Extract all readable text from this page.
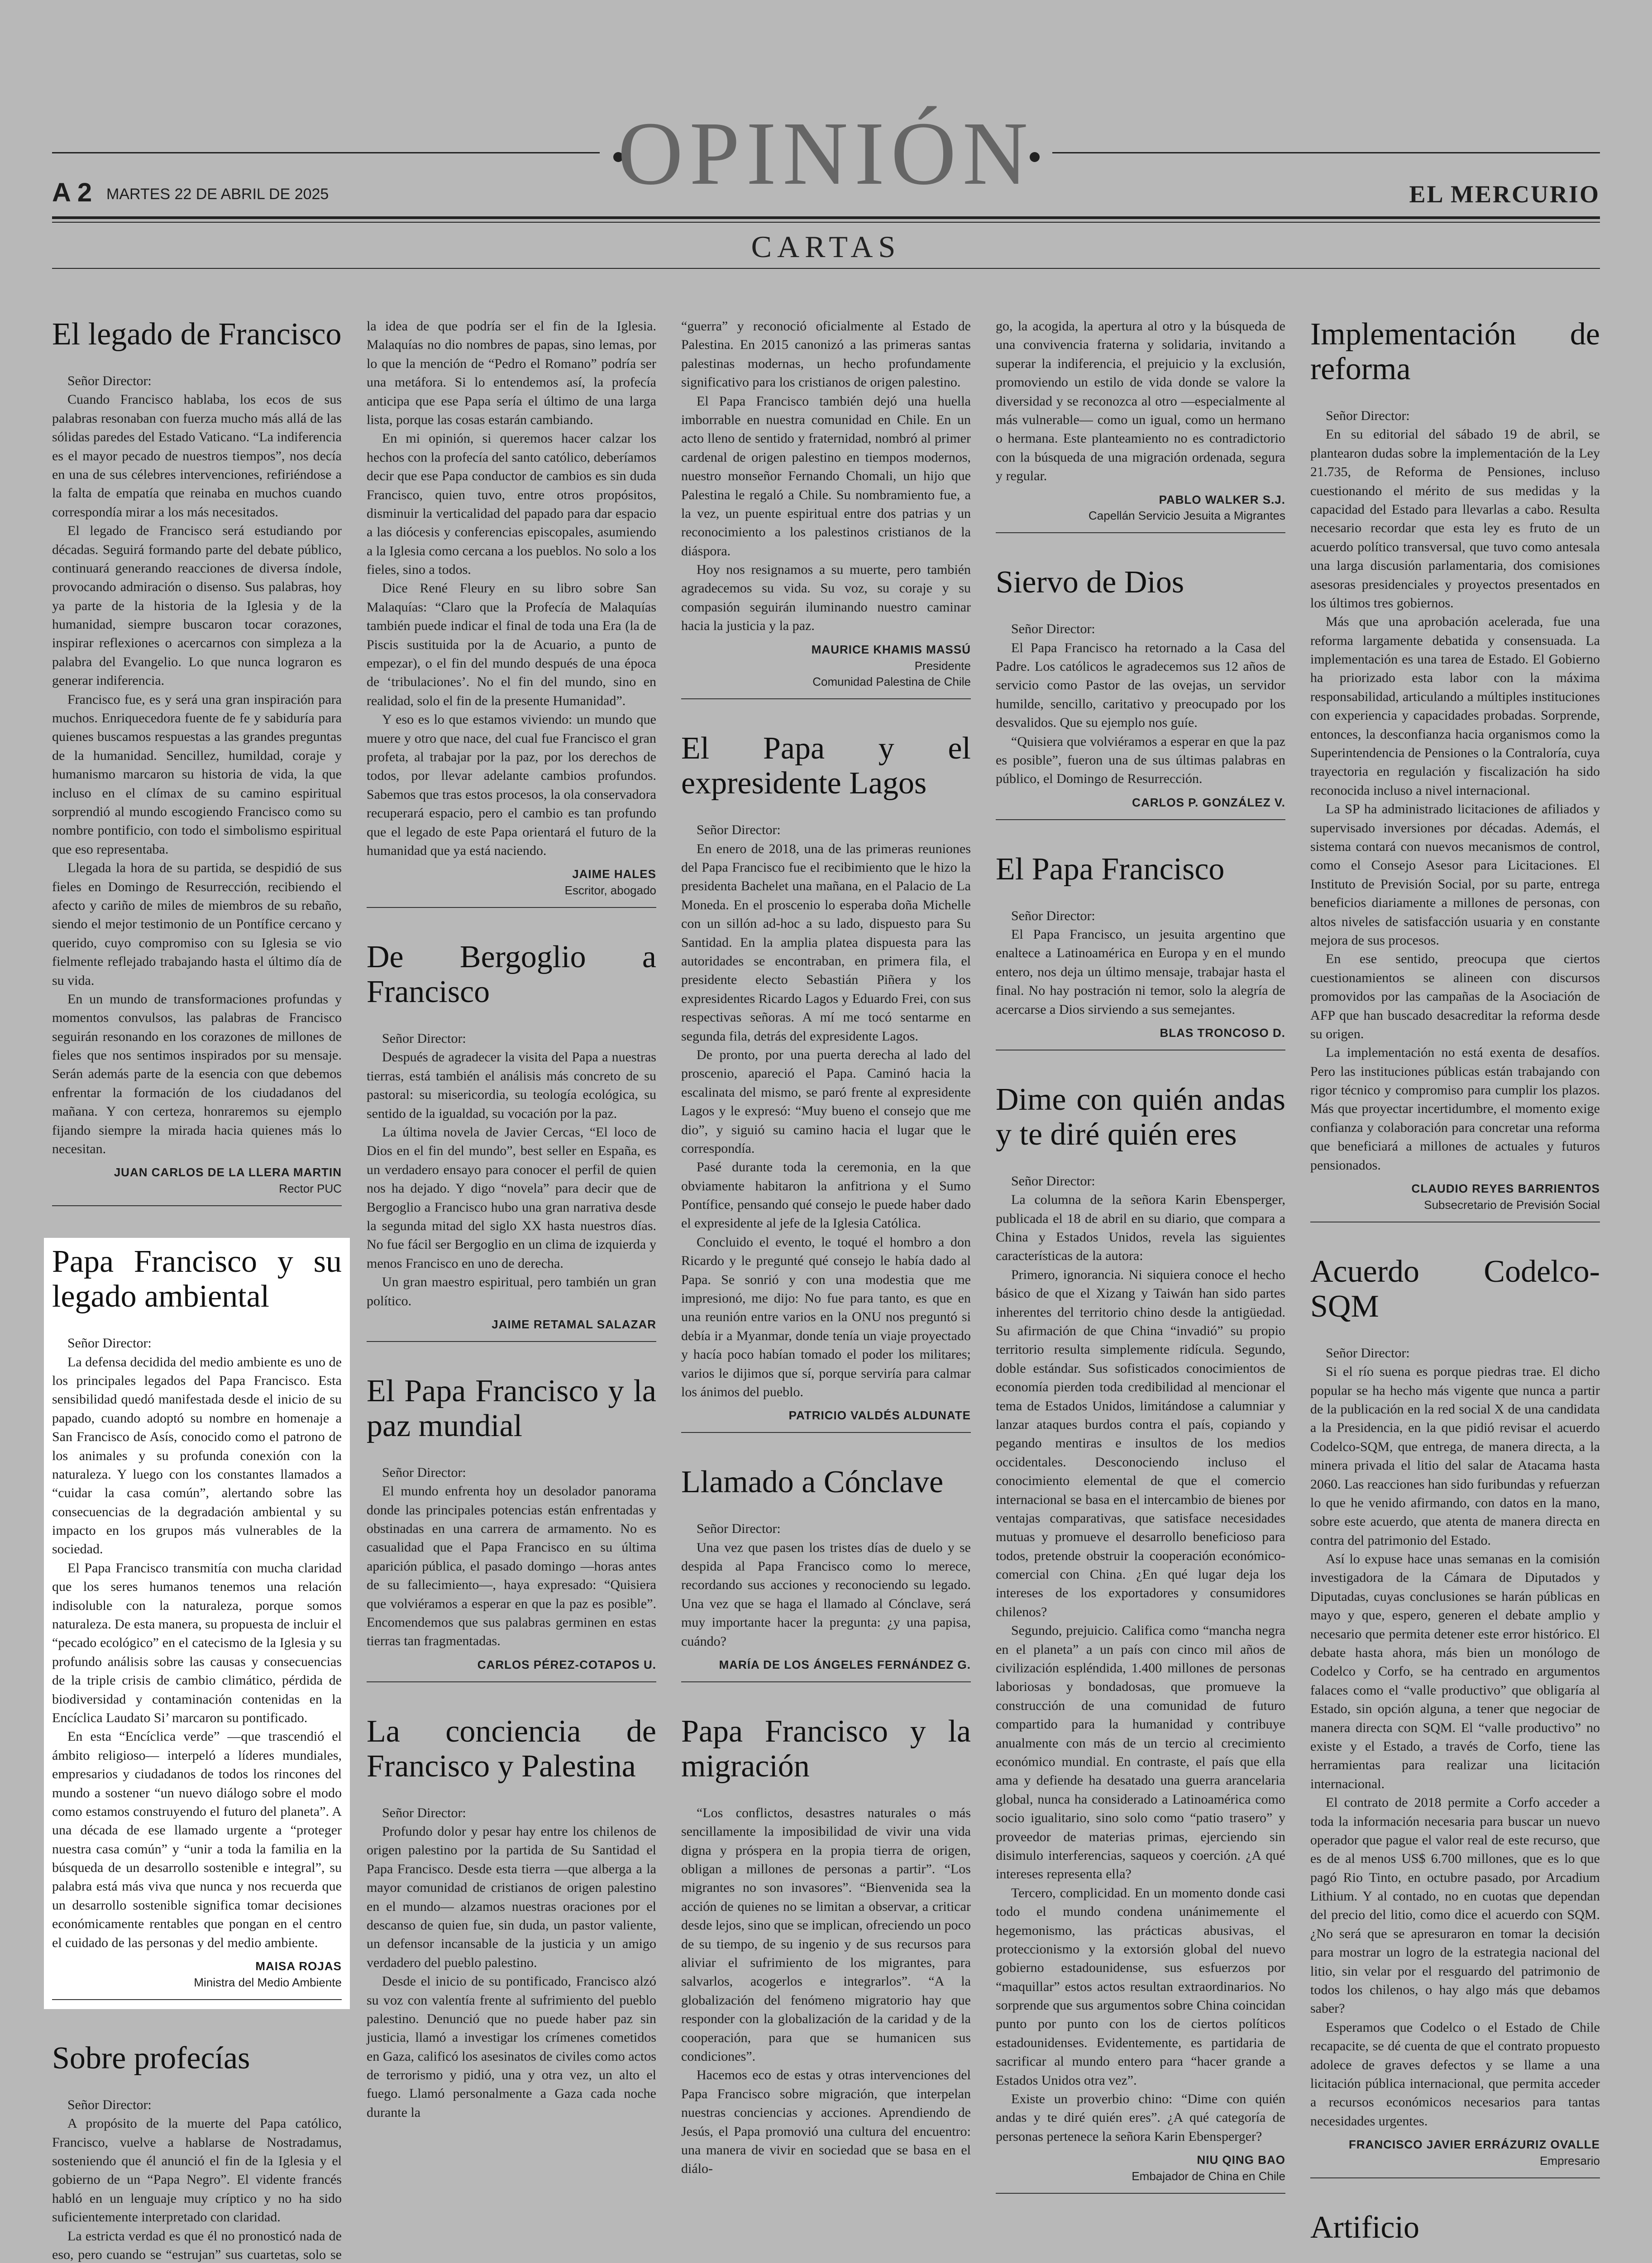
OPINIÓN
A 2 MARTES 22 DE ABRIL DE 2025	EL MERCURIO
CARTAS
El legado de Francisco

Señor Director:

Cuando Francisco hablaba, los ecos de sus palabras resonaban con fuerza mucho más allá de las sólidas paredes del Estado Vaticano. “La indiferencia es el mayor pecado de nuestros tiempos”, nos decía en una de sus célebres intervenciones, refiriéndose a la falta de empatía que reinaba en muchos cuando correspondía mirar a los más necesitados.

El legado de Francisco será estudiando por décadas. Seguirá formando parte del debate público, continuará generando reacciones de diversa índole, provocando admiración o disenso. Sus palabras, hoy ya parte de la historia de la Iglesia y de la humanidad, siempre buscaron tocar corazones, inspirar reflexiones o acercarnos con simpleza a la palabra del Evangelio. Lo que nunca lograron es generar indiferencia.

Francisco fue, es y será una gran inspiración para muchos. Enriquecedora fuente de fe y sabiduría para quienes buscamos respuestas a las grandes preguntas de la humanidad. Sencillez, humildad, coraje y humanismo marcaron su historia de vida, la que incluso en el clímax de su camino espiritual sorprendió al mundo escogiendo Francisco como su nombre pontificio, con todo el simbolismo espiritual que eso representaba.

Llegada la hora de su partida, se despidió de sus fieles en Domingo de Resurrección, recibiendo el afecto y cariño de miles de miembros de su rebaño, siendo el mejor testimonio de un Pontífice cercano y querido, cuyo compromiso con su Iglesia se vio fielmente reflejado trabajando hasta el último día de su vida.

En un mundo de transformaciones profundas y momentos convulsos, las palabras de Francisco seguirán resonando en los corazones de millones de fieles que nos sentimos inspirados por su mensaje. Serán además parte de la esencia con que debemos enfrentar la formación de los ciudadanos del mañana. Y con certeza, honraremos su ejemplo fijando siempre la mirada hacia quienes más lo necesitan.

JUAN CARLOS DE LA LLERA MARTIN
Rector PUC
Papa Francisco y su legado ambiental

Señor Director:

La defensa decidida del medio ambiente es uno de los principales legados del Papa Francisco. Esta sensibilidad quedó manifestada desde el inicio de su papado, cuando adoptó su nombre en homenaje a San Francisco de Asís, conocido como el patrono de los animales y su profunda conexión con la naturaleza. Y luego con los constantes llamados a “cuidar la casa común”, alertando sobre las consecuencias de la degradación ambiental y su impacto en los grupos más vulnerables de la sociedad.

El Papa Francisco transmitía con mucha claridad que los seres humanos tenemos una relación indisoluble con la naturaleza, porque somos naturaleza. De esta manera, su propuesta de incluir el “pecado ecológico” en el catecismo de la Iglesia y su profundo análisis sobre las causas y consecuencias de la triple crisis de cambio climático, pérdida de biodiversidad y contaminación contenidas en la Encíclica Laudato Si’ marcaron su pontificado.

En esta “Encíclica verde” —que trascendió el ámbito religioso— interpeló a líderes mundiales, empresarios y ciudadanos de todos los rincones del mundo a sostener “un nuevo diálogo sobre el modo como estamos construyendo el futuro del planeta”. A una década de ese llamado urgente a “proteger nuestra casa común” y “unir a toda la familia en la búsqueda de un desarrollo sostenible e integral”, su palabra está más viva que nunca y nos recuerda que un desarrollo sostenible significa tomar decisiones económicamente rentables que pongan en el centro el cuidado de las personas y del medio ambiente.

MAISA ROJAS
Ministra del Medio Ambiente
Sobre profecías

Señor Director:

A propósito de la muerte del Papa católico, Francisco, vuelve a hablarse de Nostradamus, sosteniendo que él anunció el fin de la Iglesia y el gobierno de un “Papa Negro”. El vidente francés habló en un lenguaje muy críptico y no ha sido suficientemente interpretado con claridad.

La estricta verdad es que él no pronosticó nada de eso, pero cuando se “estrujan” sus cuartetas, solo se

la idea de que podría ser el fin de la Iglesia. Malaquías no dio nombres de papas, sino lemas, por lo que la mención de “Pedro el Romano” podría ser una metáfora. Si lo entendemos así, la profecía anticipa que ese Papa sería el último de una larga lista, porque las cosas estarán cambiando.

En mi opinión, si queremos hacer calzar los hechos con la profecía del santo católico, deberíamos decir que ese Papa conductor de cambios es sin duda Francisco, quien tuvo, entre otros propósitos, disminuir la verticalidad del papado para dar espacio a las diócesis y conferencias episcopales, asumiendo a la Iglesia como cercana a los pueblos. No solo a los fieles, sino a todos.

Dice René Fleury en su libro sobre San Malaquías: “Claro que la Profecía de Malaquías también puede indicar el final de toda una Era (la de Piscis sustituida por la de Acuario, a punto de empezar), o el fin del mundo después de una época de ‘tribulaciones’. No el fin del mundo, sino en realidad, solo el fin de la presente Humanidad”.

Y eso es lo que estamos viviendo: un mundo que muere y otro que nace, del cual fue Francisco el gran profeta, al trabajar por la paz, por los derechos de todos, por llevar adelante cambios profundos. Sabemos que tras estos procesos, la ola conservadora recuperará espacio, pero el cambio es tan profundo que el legado de este Papa orientará el futuro de la humanidad que ya está naciendo.

JAIME HALES
Escritor, abogado
De Bergoglio a Francisco

Señor Director:

Después de agradecer la visita del Papa a nuestras tierras, está también el análisis más concreto de su pastoral: su misericordia, su teología ecológica, su sentido de la igualdad, su vocación por la paz.

La última novela de Javier Cercas, “El loco de Dios en el fin del mundo”, best seller en España, es un verdadero ensayo para conocer el perfil de quien nos ha dejado. Y digo “novela” para decir que de Bergoglio a Francisco hubo una gran narrativa desde la segunda mitad del siglo XX hasta nuestros días. No fue fácil ser Bergoglio en un clima de izquierda y menos Francisco en uno de derecha.

Un gran maestro espiritual, pero también un gran político.

JAIME RETAMAL SALAZAR
El Papa Francisco y la paz mundial

Señor Director:

El mundo enfrenta hoy un desolador panorama donde las principales potencias están enfrentadas y obstinadas en una carrera de armamento. No es casualidad que el Papa Francisco en su última aparición pública, el pasado domingo —horas antes de su fallecimiento—, haya expresado: “Quisiera que volviéramos a esperar en que la paz es posible”. Encomendemos que sus palabras germinen en estas tierras tan fragmentadas.

CARLOS PÉREZ-COTAPOS U.
La conciencia de Francisco y Palestina

Señor Director:

Profundo dolor y pesar hay entre los chilenos de origen palestino por la partida de Su Santidad el Papa Francisco. Desde esta tierra —que alberga a la mayor comunidad de cristianos de origen palestino en el mundo— alzamos nuestras oraciones por el descanso de quien fue, sin duda, un pastor valiente, un defensor incansable de la justicia y un amigo verdadero del pueblo palestino.

Desde el inicio de su pontificado, Francisco alzó su voz con valentía frente al sufrimiento del pueblo palestino. Denunció que no puede haber paz sin justicia, llamó a investigar los crímenes cometidos en Gaza, calificó los asesinatos de civiles como actos de terrorismo y pidió, una y otra vez, un alto el fuego. Llamó personalmente a Gaza cada noche durante la

“guerra” y reconoció oficialmente al Estado de Palestina. En 2015 canonizó a las primeras santas palestinas modernas, un hecho profundamente significativo para los cristianos de origen palestino.

El Papa Francisco también dejó una huella imborrable en nuestra comunidad en Chile. En un acto lleno de sentido y fraternidad, nombró al primer cardenal de origen palestino en tiempos modernos, nuestro monseñor Fernando Chomali, un hijo que Palestina le regaló a Chile. Su nombramiento fue, a la vez, un puente espiritual entre dos patrias y un reconocimiento a los palestinos cristianos de la diáspora.

Hoy nos resignamos a su muerte, pero también agradecemos su vida. Su voz, su coraje y su compasión seguirán iluminando nuestro caminar hacia la justicia y la paz.

MAURICE KHAMIS MASSÚ
Presidente
Comunidad Palestina de Chile
El Papa y el expresidente Lagos

Señor Director:

En enero de 2018, una de las primeras reuniones del Papa Francisco fue el recibimiento que le hizo la presidenta Bachelet una mañana, en el Palacio de La Moneda. En el proscenio lo esperaba doña Michelle con un sillón ad-hoc a su lado, dispuesto para Su Santidad. En la amplia platea dispuesta para las autoridades se encontraban, en primera fila, el presidente electo Sebastián Piñera y los expresidentes Ricardo Lagos y Eduardo Frei, con sus respectivas señoras. A mí me tocó sentarme en segunda fila, detrás del expresidente Lagos.

De pronto, por una puerta derecha al lado del proscenio, apareció el Papa. Caminó hacia la escalinata del mismo, se paró frente al expresidente Lagos y le expresó: “Muy bueno el consejo que me dio”, y siguió su camino hacia el lugar que le correspondía.

Pasé durante toda la ceremonia, en la que obviamente habitaron la anfitriona y el Sumo Pontífice, pensando qué consejo le puede haber dado el expresidente al jefe de la Iglesia Católica.

Concluido el evento, le toqué el hombro a don Ricardo y le pregunté qué consejo le había dado al Papa. Se sonrió y con una modestia que me impresionó, me dijo: No fue para tanto, es que en una reunión entre varios en la ONU nos preguntó si debía ir a Myanmar, donde tenía un viaje proyectado y hacía poco habían tomado el poder los militares; varios le dijimos que sí, porque serviría para calmar los ánimos del pueblo.

PATRICIO VALDÉS ALDUNATE
Llamado a Cónclave

Señor Director:

Una vez que pasen los tristes días de duelo y se despida al Papa Francisco como lo merece, recordando sus acciones y reconociendo su legado. Una vez que se haga el llamado al Cónclave, será muy importante hacer la pregunta: ¿y una papisa, cuándo?

MARÍA DE LOS ÁNGELES FERNÁNDEZ G.
Papa Francisco y la migración

“Los conflictos, desastres naturales o más sencillamente la imposibilidad de vivir una vida digna y próspera en la propia tierra de origen, obligan a millones de personas a partir”. “Los migrantes no son invasores”. “Bienvenida sea la acción de quienes no se limitan a observar, a criticar desde lejos, sino que se implican, ofreciendo un poco de su tiempo, de su ingenio y de sus recursos para aliviar el sufrimiento de los migrantes, para salvarlos, acogerlos e integrarlos”. “A la globalización del fenómeno migratorio hay que responder con la globalización de la caridad y de la cooperación, para que se humanicen sus condiciones”.

Hacemos eco de estas y otras intervenciones del Papa Francisco sobre migración, que interpelan nuestras conciencias y acciones. Aprendiendo de Jesús, el Papa promovió una cultura del encuentro: una manera de vivir en sociedad que se basa en el diálo-

go, la acogida, la apertura al otro y la búsqueda de una convivencia fraterna y solidaria, invitando a superar la indiferencia, el prejuicio y la exclusión, promoviendo un estilo de vida donde se valore la diversidad y se reconozca al otro —especialmente al más vulnerable— como un igual, como un hermano o hermana. Este planteamiento no es contradictorio con la búsqueda de una migración ordenada, segura y regular.

PABLO WALKER S.J.
Capellán Servicio Jesuita a Migrantes
Siervo de Dios

Señor Director:

El Papa Francisco ha retornado a la Casa del Padre. Los católicos le agradecemos sus 12 años de servicio como Pastor de las ovejas, un servidor humilde, sencillo, caritativo y preocupado por los desvalidos. Que su ejemplo nos guíe.

“Quisiera que volviéramos a esperar en que la paz es posible”, fueron una de sus últimas palabras en público, el Domingo de Resurrección.

CARLOS P. GONZÁLEZ V.
El Papa Francisco

Señor Director:

El Papa Francisco, un jesuita argentino que enaltece a Latinoamérica en Europa y en el mundo entero, nos deja un último mensaje, trabajar hasta el final. No hay postración ni temor, solo la alegría de acercarse a Dios sirviendo a sus semejantes.

BLAS TRONCOSO D.
Dime con quién andas y te diré quién eres

Señor Director:

La columna de la señora Karin Ebensperger, publicada el 18 de abril en su diario, que compara a China y Estados Unidos, revela las siguientes características de la autora:

Primero, ignorancia. Ni siquiera conoce el hecho básico de que el Xizang y Taiwán han sido partes inherentes del territorio chino desde la antigüedad. Su afirmación de que China “invadió” su propio territorio resulta simplemente ridícula. Segundo, doble estándar. Sus sofisticados conocimientos de economía pierden toda credibilidad al mencionar el tema de Estados Unidos, limitándose a calumniar y lanzar ataques burdos contra el país, copiando y pegando mentiras e insultos de los medios occidentales. Desconociendo incluso el conocimiento elemental de que el comercio internacional se basa en el intercambio de bienes por ventajas comparativas, que satisface necesidades mutuas y promueve el desarrollo beneficioso para todos, pretende obstruir la cooperación económico-comercial con China. ¿En qué lugar deja los intereses de los exportadores y consumidores chilenos?

Segundo, prejuicio. Califica como “mancha negra en el planeta” a un país con cinco mil años de civilización espléndida, 1.400 millones de personas laboriosas y bondadosas, que promueve la construcción de una comunidad de futuro compartido para la humanidad y contribuye anualmente con más de un tercio al crecimiento económico mundial. En contraste, el país que ella ama y defiende ha desatado una guerra arancelaria global, nunca ha considerado a Latinoamérica como socio igualitario, sino solo como “patio trasero” y proveedor de materias primas, ejerciendo sin disimulo interferencias, saqueos y coerción. ¿A qué intereses representa ella?

Tercero, complicidad. En un momento donde casi todo el mundo condena unánimemente el hegemonismo, las prácticas abusivas, el proteccionismo y la extorsión global del nuevo gobierno estadounidense, sus esfuerzos por “maquillar” estos actos resultan extraordinarios. No sorprende que sus argumentos sobre China coincidan punto por punto con los de ciertos políticos estadounidenses. Evidentemente, es partidaria de sacrificar al mundo entero para “hacer grande a Estados Unidos otra vez”.

Existe un proverbio chino: “Dime con quién andas y te diré quién eres”. ¿A qué categoría de personas pertenece la señora Karin Ebensperger?

NIU QING BAO
Embajador de China en Chile
Implementación de reforma

Señor Director:

En su editorial del sábado 19 de abril, se plantearon dudas sobre la implementación de la Ley 21.735, de Reforma de Pensiones, incluso cuestionando el mérito de sus medidas y la capacidad del Estado para llevarlas a cabo. Resulta necesario recordar que esta ley es fruto de un acuerdo político transversal, que tuvo como antesala una larga discusión parlamentaria, dos comisiones asesoras presidenciales y proyectos presentados en los últimos tres gobiernos.

Más que una aprobación acelerada, fue una reforma largamente debatida y consensuada. La implementación es una tarea de Estado. El Gobierno ha priorizado esta labor con la máxima responsabilidad, articulando a múltiples instituciones con experiencia y capacidades probadas. Sorprende, entonces, la desconfianza hacia organismos como la Superintendencia de Pensiones o la Contraloría, cuya trayectoria en regulación y fiscalización ha sido reconocida incluso a nivel internacional.

La SP ha administrado licitaciones de afiliados y supervisado inversiones por décadas. Además, el sistema contará con nuevos mecanismos de control, como el Consejo Asesor para Licitaciones. El Instituto de Previsión Social, por su parte, entrega beneficios diariamente a millones de personas, con altos niveles de satisfacción usuaria y en constante mejora de sus procesos.

En ese sentido, preocupa que ciertos cuestionamientos se alineen con discursos promovidos por las campañas de la Asociación de AFP que han buscado desacreditar la reforma desde su origen.

La implementación no está exenta de desafíos. Pero las instituciones públicas están trabajando con rigor técnico y compromiso para cumplir los plazos. Más que proyectar incertidumbre, el momento exige confianza y colaboración para concretar una reforma que beneficiará a millones de actuales y futuros pensionados.

CLAUDIO REYES BARRIENTOS
Subsecretario de Previsión Social
Acuerdo Codelco-SQM

Señor Director:

Si el río suena es porque piedras trae. El dicho popular se ha hecho más vigente que nunca a partir de la publicación en la red social X de una candidata a la Presidencia, en la que pidió revisar el acuerdo Codelco-SQM, que entrega, de manera directa, a la minera privada el litio del salar de Atacama hasta 2060. Las reacciones han sido furibundas y refuerzan lo que he venido afirmando, con datos en la mano, sobre este acuerdo, que atenta de manera directa en contra del patrimonio del Estado.

Así lo expuse hace unas semanas en la comisión investigadora de la Cámara de Diputados y Diputadas, cuyas conclusiones se harán públicas en mayo y que, espero, generen el debate amplio y necesario que permita detener este error histórico. El debate hasta ahora, más bien un monólogo de Codelco y Corfo, se ha centrado en argumentos falaces como el “valle productivo” que obligaría al Estado, sin opción alguna, a tener que negociar de manera directa con SQM. El “valle productivo” no existe y el Estado, a través de Corfo, tiene las herramientas para realizar una licitación internacional.

El contrato de 2018 permite a Corfo acceder a toda la información necesaria para buscar un nuevo operador que pague el valor real de este recurso, que es de al menos US$ 6.700 millones, que es lo que pagó Rio Tinto, en octubre pasado, por Arcadium Lithium. Y al contado, no en cuotas que dependan del precio del litio, como dice el acuerdo con SQM. ¿No será que se apresuraron en tomar la decisión para mostrar un logro de la estrategia nacional del litio, sin velar por el resguardo del patrimonio de todos los chilenos, o hay algo más que debamos saber?

Esperamos que Codelco o el Estado de Chile recapacite, se dé cuenta de que el contrato propuesto adolece de graves defectos y se llame a una licitación pública internacional, que permita acceder a recursos económicos necesarios para tantas necesidades urgentes.

FRANCISCO JAVIER ERRÁZURIZ OVALLE
Empresario
Artificio
